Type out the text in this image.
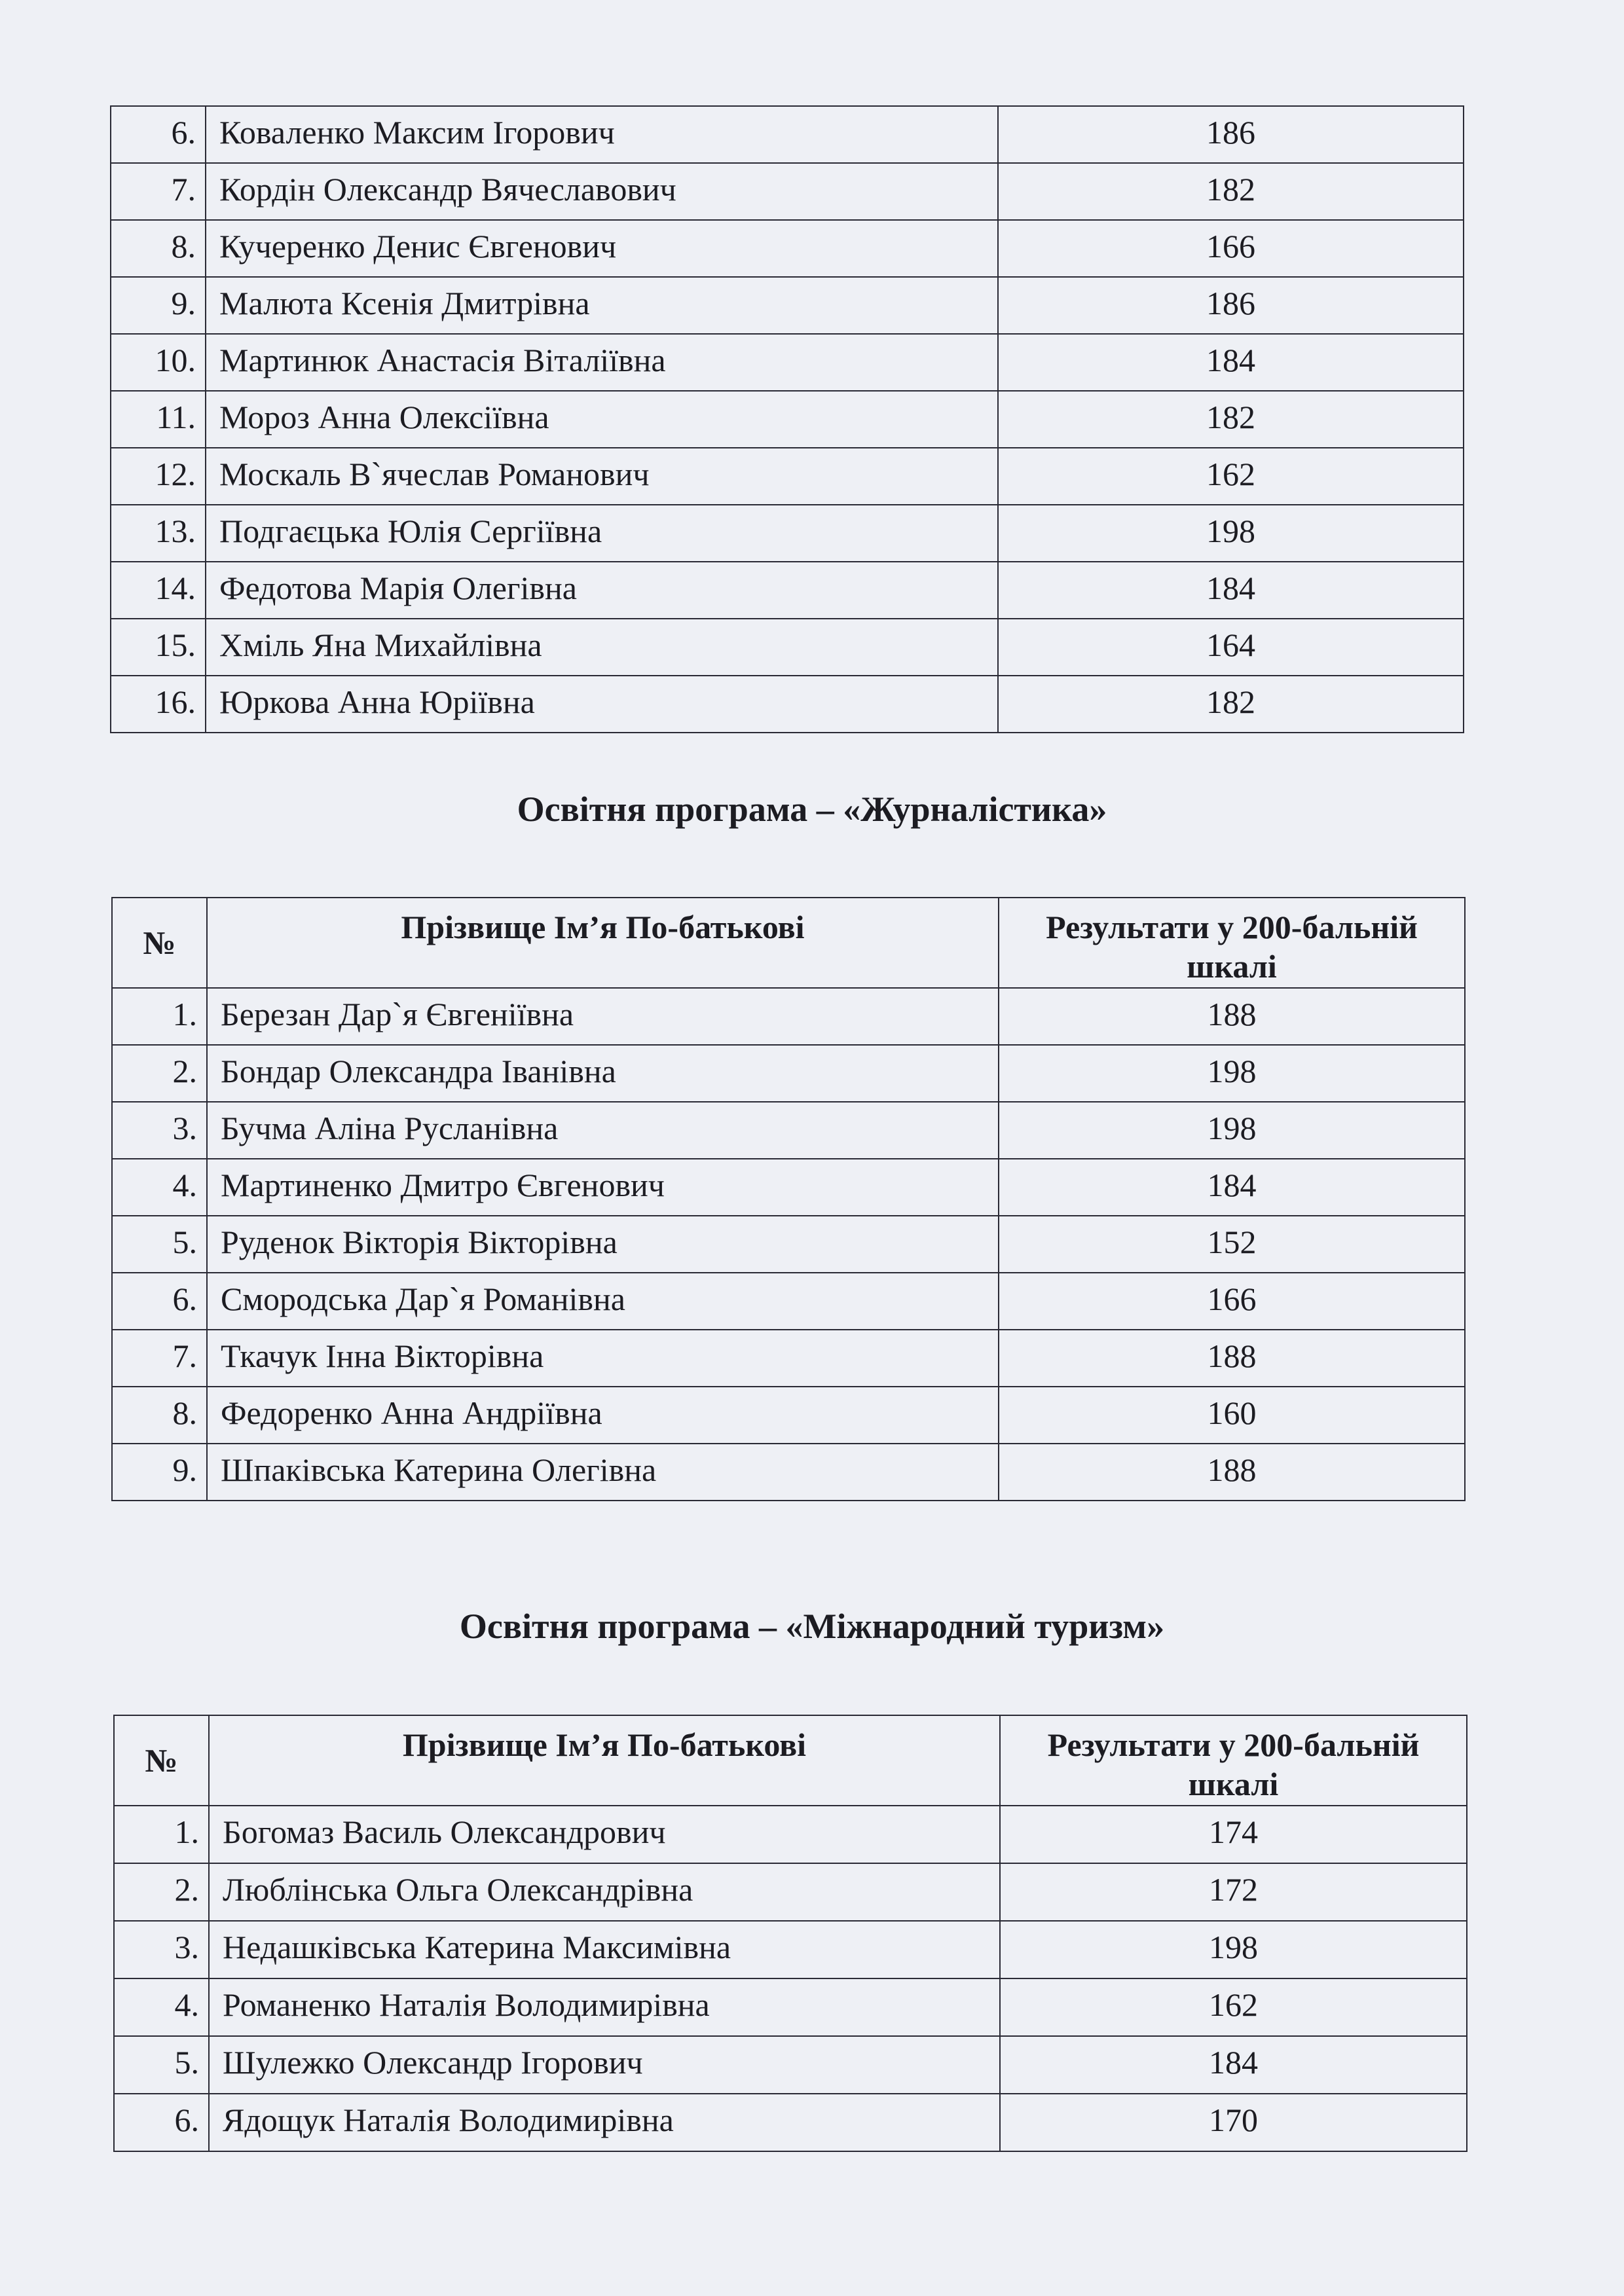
6.	Коваленко Максим Ігорович	186
7.	Кордін Олександр Вячеславович	182
8.	Кучеренко Денис Євгенович	166
9.	Малюта Ксенія Дмитрівна	186
10.	Мартинюк Анастасія Віталіївна	184
11.	Мороз Анна Олексіївна	182
12.	Москаль В`ячеслав Романович	162
13.	Подгаєцька Юлія Сергіївна	198
14.	Федотова Марія Олегівна	184
15.	Хміль Яна Михайлівна	164
16.	Юркова Анна Юріївна	182
Освітня програма – «Журналістика»
№	Прізвище Ім’я По-батькові	Результати у 200-бальній шкалі
1.	Березан Дар`я Євгеніївна	188
2.	Бондар Олександра Іванівна	198
3.	Бучма Аліна Русланівна	198
4.	Мартиненко Дмитро Євгенович	184
5.	Руденок Вікторія Вікторівна	152
6.	Смородська Дар`я Романівна	166
7.	Ткачук Інна Вікторівна	188
8.	Федоренко Анна Андріївна	160
9.	Шпаківська Катерина Олегівна	188
Освітня програма – «Міжнародний туризм»
№	Прізвище Ім’я По-батькові	Результати у 200-бальній шкалі
1.	Богомаз Василь Олександрович	174
2.	Люблінська Ольга Олександрівна	172
3.	Недашківська Катерина Максимівна	198
4.	Романенко Наталія Володимирівна	162
5.	Шулежко Олександр Ігорович	184
6.	Ядощук Наталія Володимирівна	170
